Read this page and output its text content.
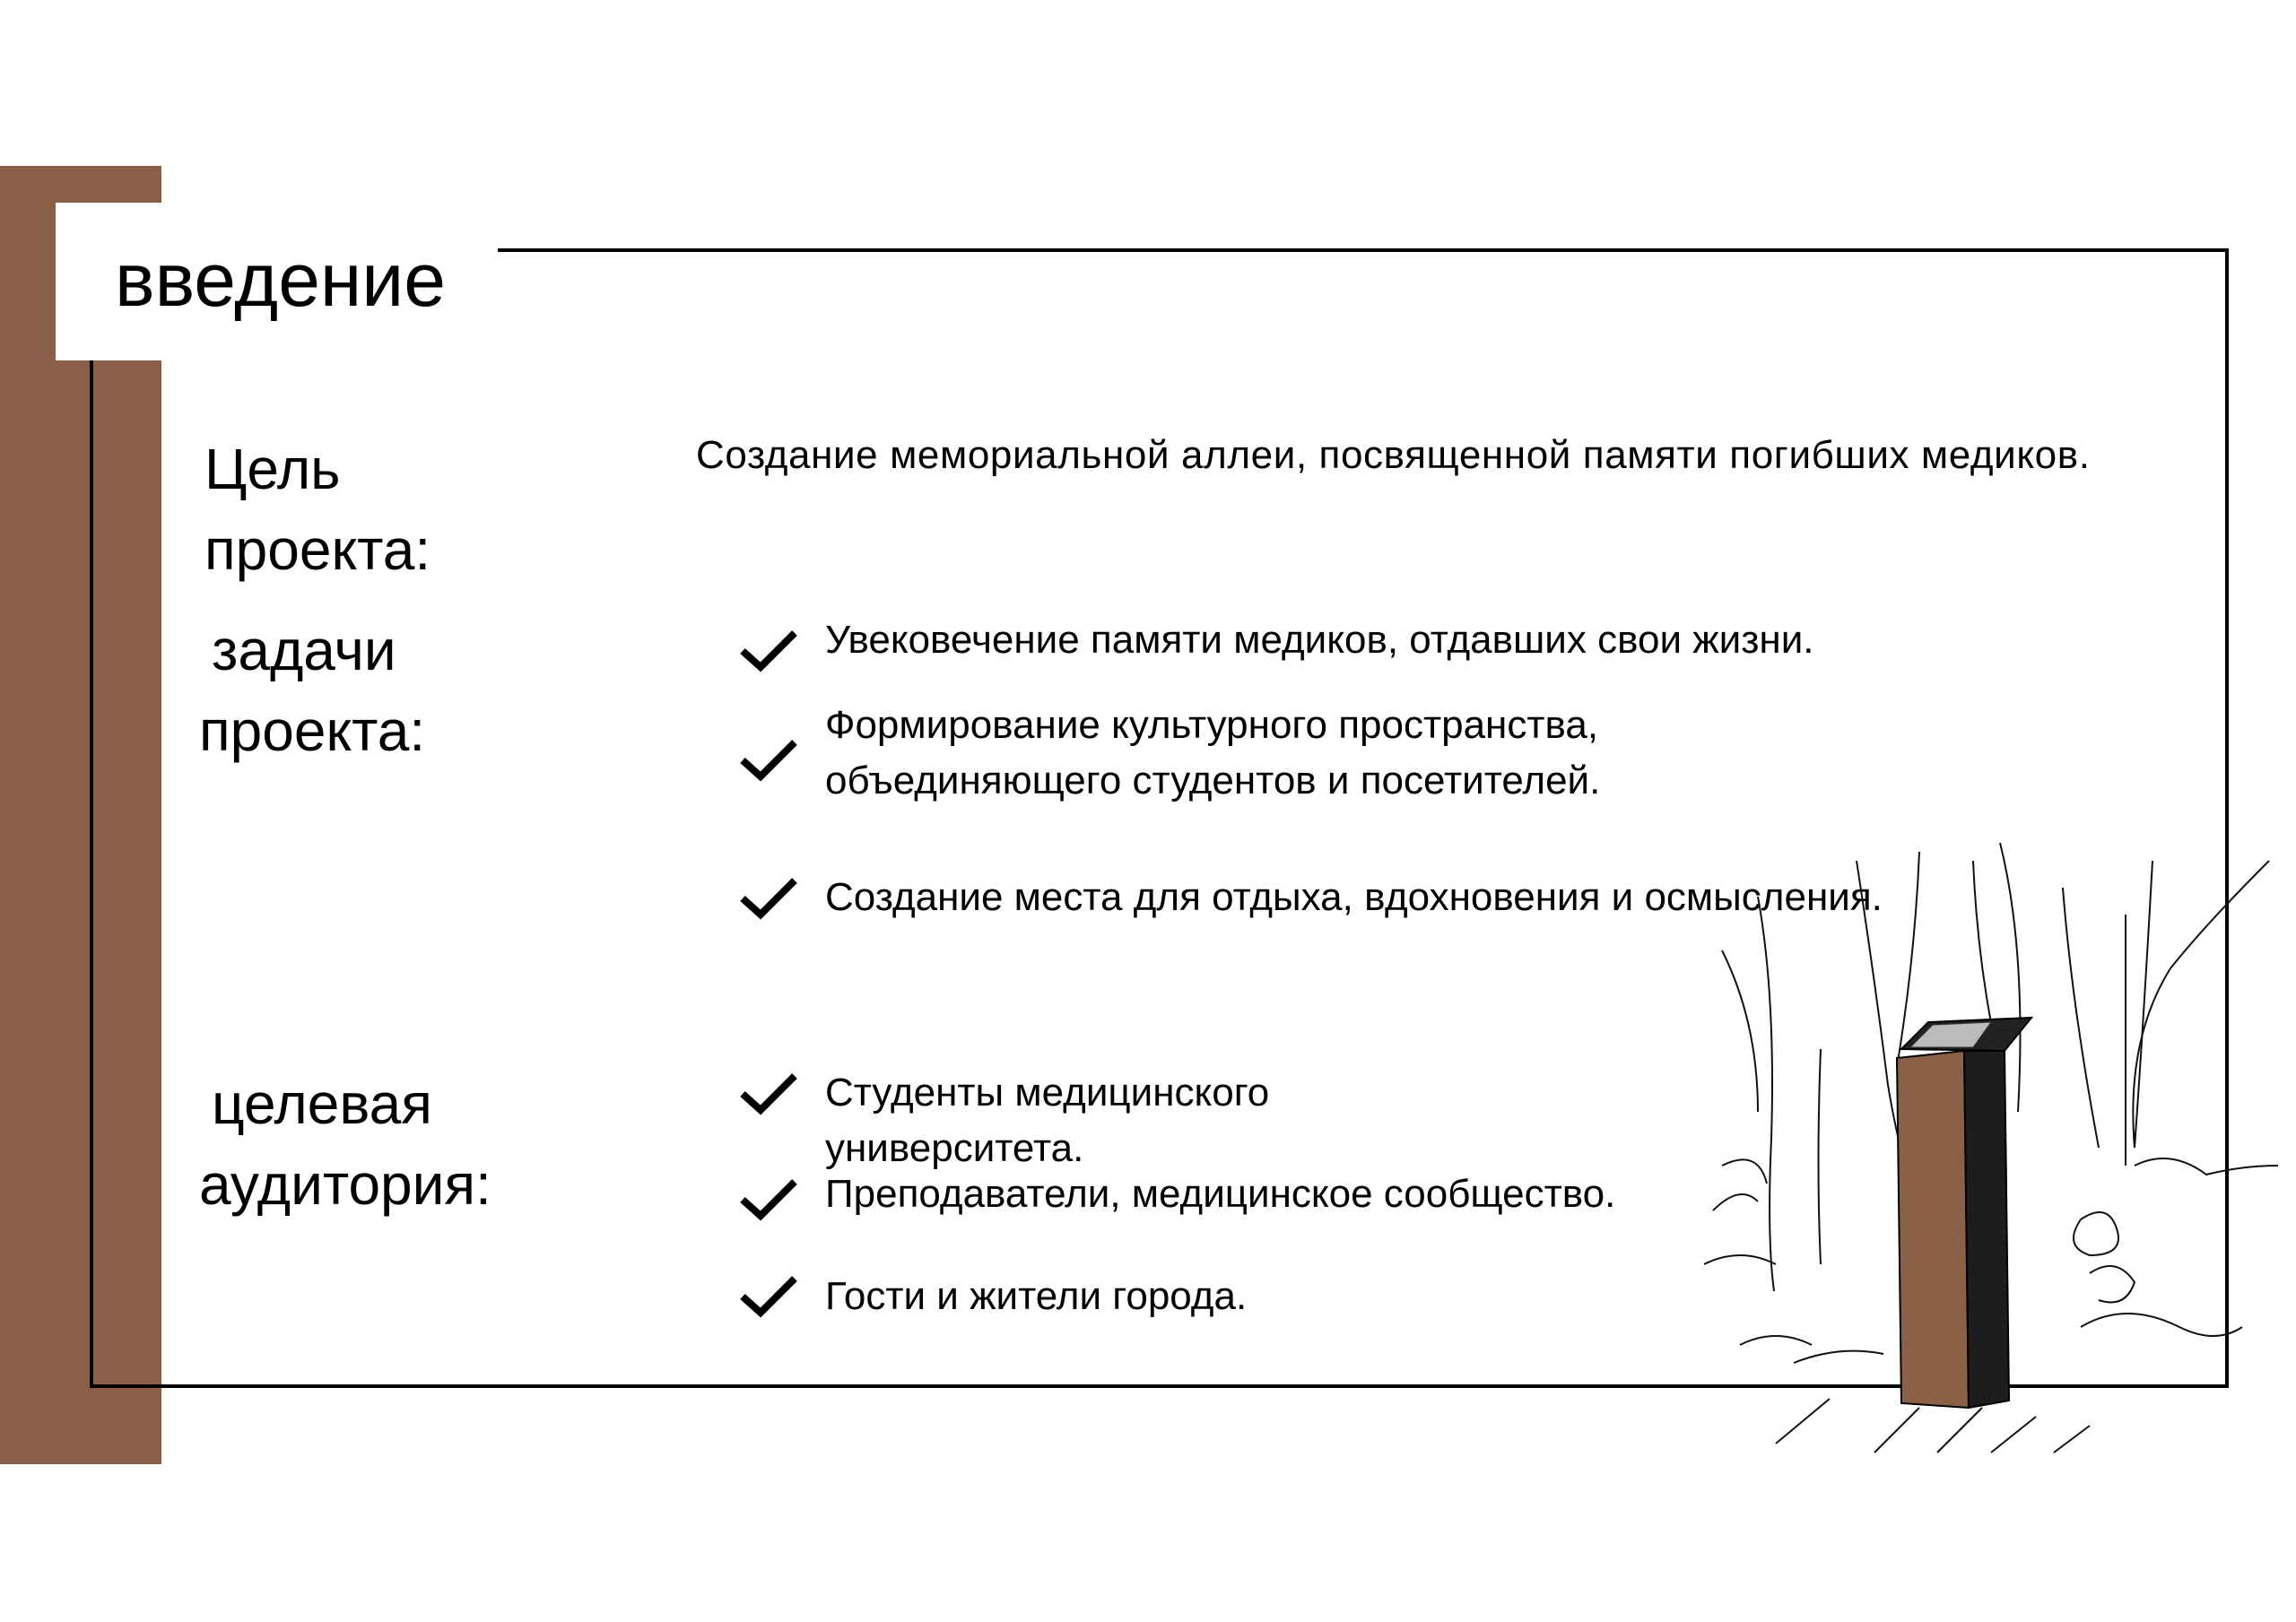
введение
Цель
проекта:
Создание мемориальной аллеи, посвященной памяти погибших медиков.
задачи
проекта:
целевая
аудитория:
Увековечение памяти медиков, отдавших свои жизни.
Формирование культурного пространства,
объединяющего студентов и посетителей.
Создание места для отдыха, вдохновения и осмысления.
Студенты медицинского
университета.
Преподаватели, медицинское сообщество.
Гости и жители города.
